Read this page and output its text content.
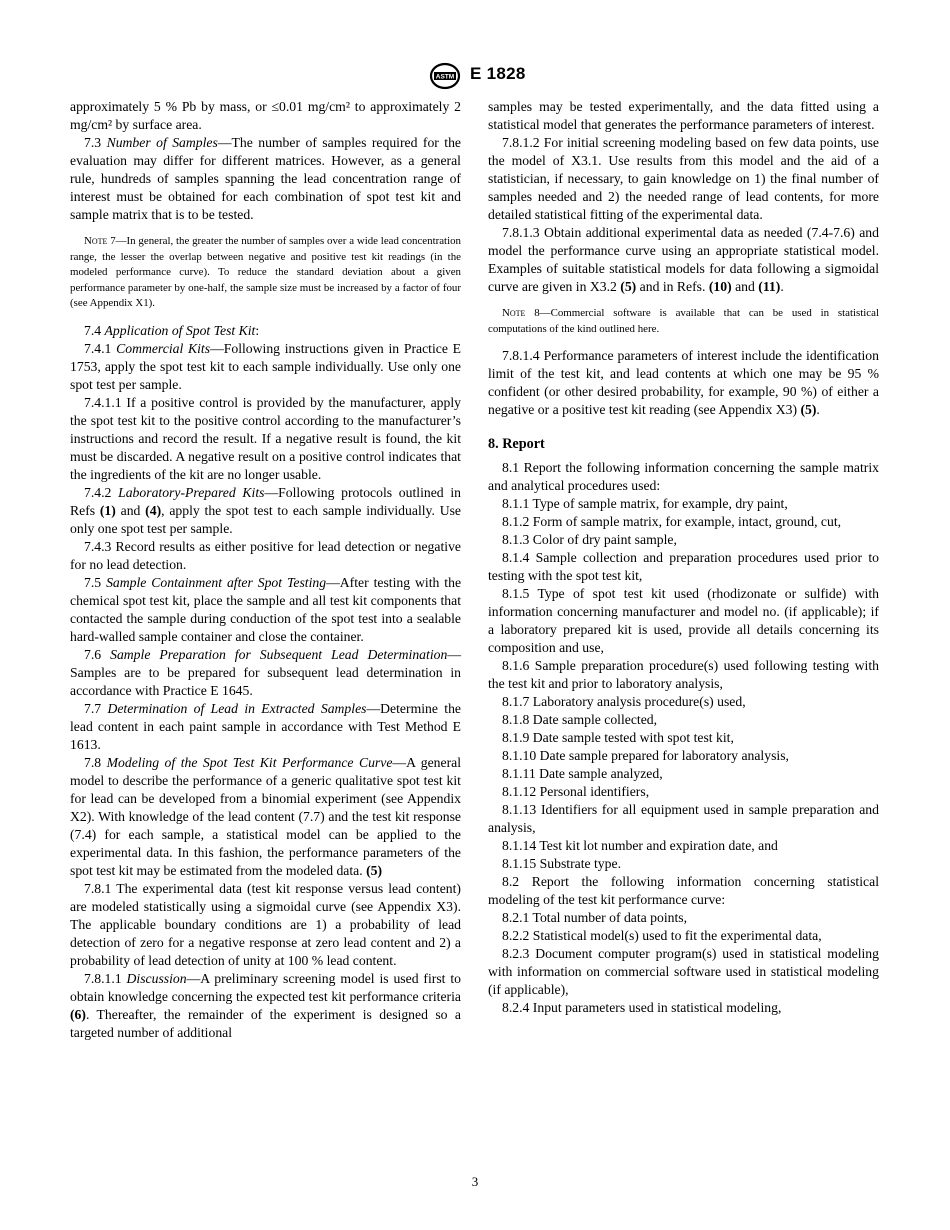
ASTM E 1828

approximately 5 % Pb by mass, or ≤0.01 mg/cm² to approximately 2 mg/cm² by surface area.

7.3 Number of Samples—The number of samples required for the evaluation may differ for different matrices. However, as a general rule, hundreds of samples spanning the lead concentration range of interest must be obtained for each combination of spot test kit and sample matrix that is to be tested.

Note 7—In general, the greater the number of samples over a wide lead concentration range, the lesser the overlap between negative and positive test kit readings (in the modeled performance curve). To reduce the standard deviation about a given performance parameter by one-half, the sample size must be increased by a factor of four (see Appendix X1).

7.4 Application of Spot Test Kit:

7.4.1 Commercial Kits—Following instructions given in Practice E 1753, apply the spot test kit to each sample individually. Use only one spot test per sample.

7.4.1.1 If a positive control is provided by the manufacturer, apply the spot test kit to the positive control according to the manufacturer’s instructions and record the result. If a negative result is found, the kit must be discarded. A negative result on a positive control indicates that the ingredients of the kit are no longer usable.

7.4.2 Laboratory-Prepared Kits—Following protocols outlined in Refs (1) and (4), apply the spot test to each sample individually. Use only one spot test per sample.

7.4.3 Record results as either positive for lead detection or negative for no lead detection.

7.5 Sample Containment after Spot Testing—After testing with the chemical spot test kit, place the sample and all test kit components that contacted the sample during conduction of the spot test into a sealable hard-walled sample container and close the container.

7.6 Sample Preparation for Subsequent Lead Determination—Samples are to be prepared for subsequent lead determination in accordance with Practice E 1645.

7.7 Determination of Lead in Extracted Samples—Determine the lead content in each paint sample in accordance with Test Method E 1613.

7.8 Modeling of the Spot Test Kit Performance Curve—A general model to describe the performance of a generic qualitative spot test kit for lead can be developed from a binomial experiment (see Appendix X2). With knowledge of the lead content (7.7) and the test kit response (7.4) for each sample, a statistical model can be applied to the experimental data. In this fashion, the performance parameters of the spot test kit may be estimated from the modeled data. (5)

7.8.1 The experimental data (test kit response versus lead content) are modeled statistically using a sigmoidal curve (see Appendix X3). The applicable boundary conditions are 1) a probability of lead detection of zero for a negative response at zero lead content and 2) a probability of lead detection of unity at 100 % lead content.

7.8.1.1 Discussion—A preliminary screening model is used first to obtain knowledge concerning the expected test kit performance criteria (6). Thereafter, the remainder of the experiment is designed so a targeted number of additional

samples may be tested experimentally, and the data fitted using a statistical model that generates the performance parameters of interest.

7.8.1.2 For initial screening modeling based on few data points, use the model of X3.1. Use results from this model and the aid of a statistician, if necessary, to gain knowledge on 1) the final number of samples needed and 2) the needed range of lead contents, for more detailed statistical fitting of the experimental data.

7.8.1.3 Obtain additional experimental data as needed (7.4-7.6) and model the performance curve using an appropriate statistical model. Examples of suitable statistical models for data following a sigmoidal curve are given in X3.2 (5) and in Refs. (10) and (11).

Note 8—Commercial software is available that can be used in statistical computations of the kind outlined here.

7.8.1.4 Performance parameters of interest include the identification limit of the test kit, and lead contents at which one may be 95 % confident (or other desired probability, for example, 90 %) of either a negative or a positive test kit reading (see Appendix X3) (5).

8. Report

8.1 Report the following information concerning the sample matrix and analytical procedures used:

8.1.1 Type of sample matrix, for example, dry paint,

8.1.2 Form of sample matrix, for example, intact, ground, cut,

8.1.3 Color of dry paint sample,

8.1.4 Sample collection and preparation procedures used prior to testing with the spot test kit,

8.1.5 Type of spot test kit used (rhodizonate or sulfide) with information concerning manufacturer and model no. (if applicable); if a laboratory prepared kit is used, provide all details concerning its composition and use,

8.1.6 Sample preparation procedure(s) used following testing with the test kit and prior to laboratory analysis,

8.1.7 Laboratory analysis procedure(s) used,

8.1.8 Date sample collected,

8.1.9 Date sample tested with spot test kit,

8.1.10 Date sample prepared for laboratory analysis,

8.1.11 Date sample analyzed,

8.1.12 Personal identifiers,

8.1.13 Identifiers for all equipment used in sample preparation and analysis,

8.1.14 Test kit lot number and expiration date, and

8.1.15 Substrate type.

8.2 Report the following information concerning statistical modeling of the test kit performance curve:

8.2.1 Total number of data points,

8.2.2 Statistical model(s) used to fit the experimental data,

8.2.3 Document computer program(s) used in statistical modeling with information on commercial software used in statistical modeling (if applicable),

8.2.4 Input parameters used in statistical modeling,

3
